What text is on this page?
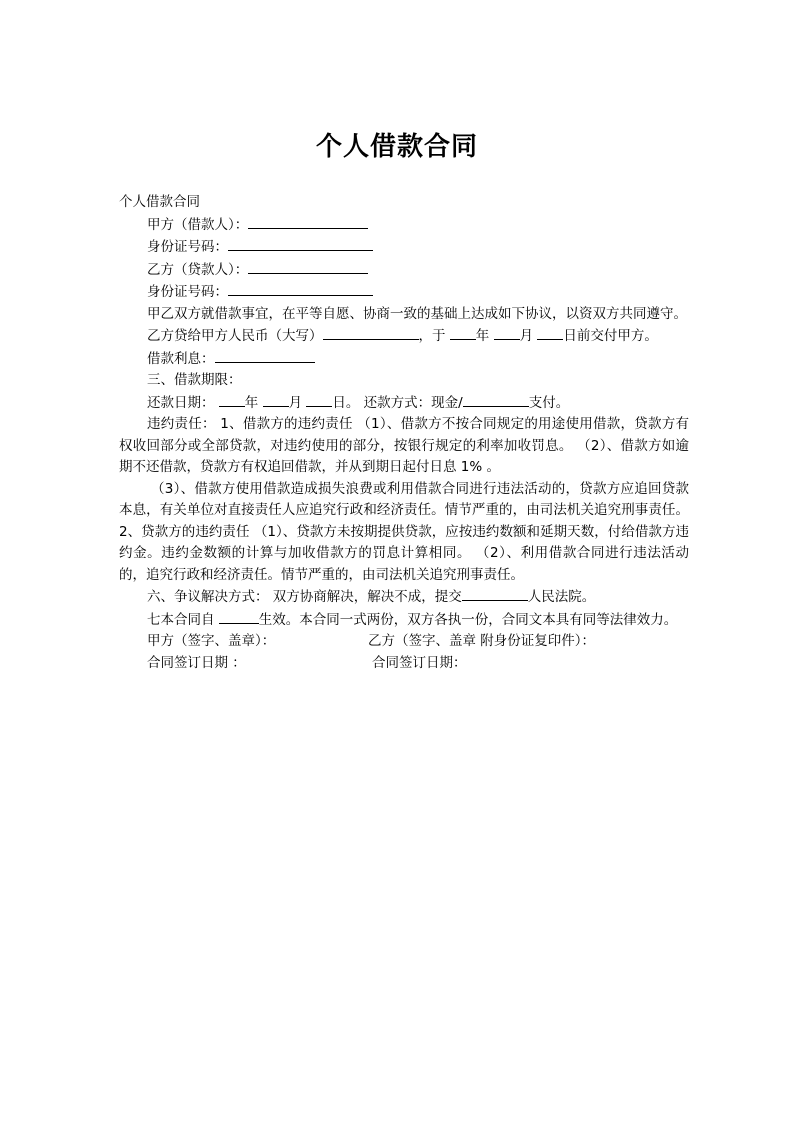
个人借款合同
个人借款合同
甲方（借款人）：
身份证号码：
乙方（贷款人）：
身份证号码：
甲乙双方就借款事宜，在平等自愿、协商一致的基础上达成如下协议，以资双方共同遵守。
乙方贷给甲方人民币（大写）	，于 年 月 日前交付甲方。
借款利息：
三、借款期限：
还款日期： 年 月 日。 还款方式：现金/	支付。
违约责任： 1、借款方的违约责任 （1）、借款方不按合同规定的用途使用借款，贷款方有权收回部分或全部贷款，对违约使用的部分，按银行规定的利率加收罚息。 （2）、借款方如逾期不还借款，贷款方有权追回借款，并从到期日起付日息 1% 。
（3）、借款方使用借款造成损失浪费或利用借款合同进行违法活动的，贷款方应追回贷款本息，有关单位对直接责任人应追究行政和经济责任。情节严重的，由司法机关追究刑事责任。 2、贷款方的违约责任 （1）、贷款方未按期提供贷款，应按违约数额和延期天数，付给借款方违约金。违约金数额的计算与加收借款方的罚息计算相同。 （2）、利用借款合同进行违法活动的，追究行政和经济责任。情节严重的，由司法机关追究刑事责任。
六、争议解决方式： 双方协商解决，解决不成，提交	人民法院。
七本合同自	生效。本合同一式两份，双方各执一份，合同文本具有同等法律效力。
甲方（签字、盖章）：	乙方（签字、盖章 附身份证复印件）：
合同签订日期 ：	合同签订日期：
